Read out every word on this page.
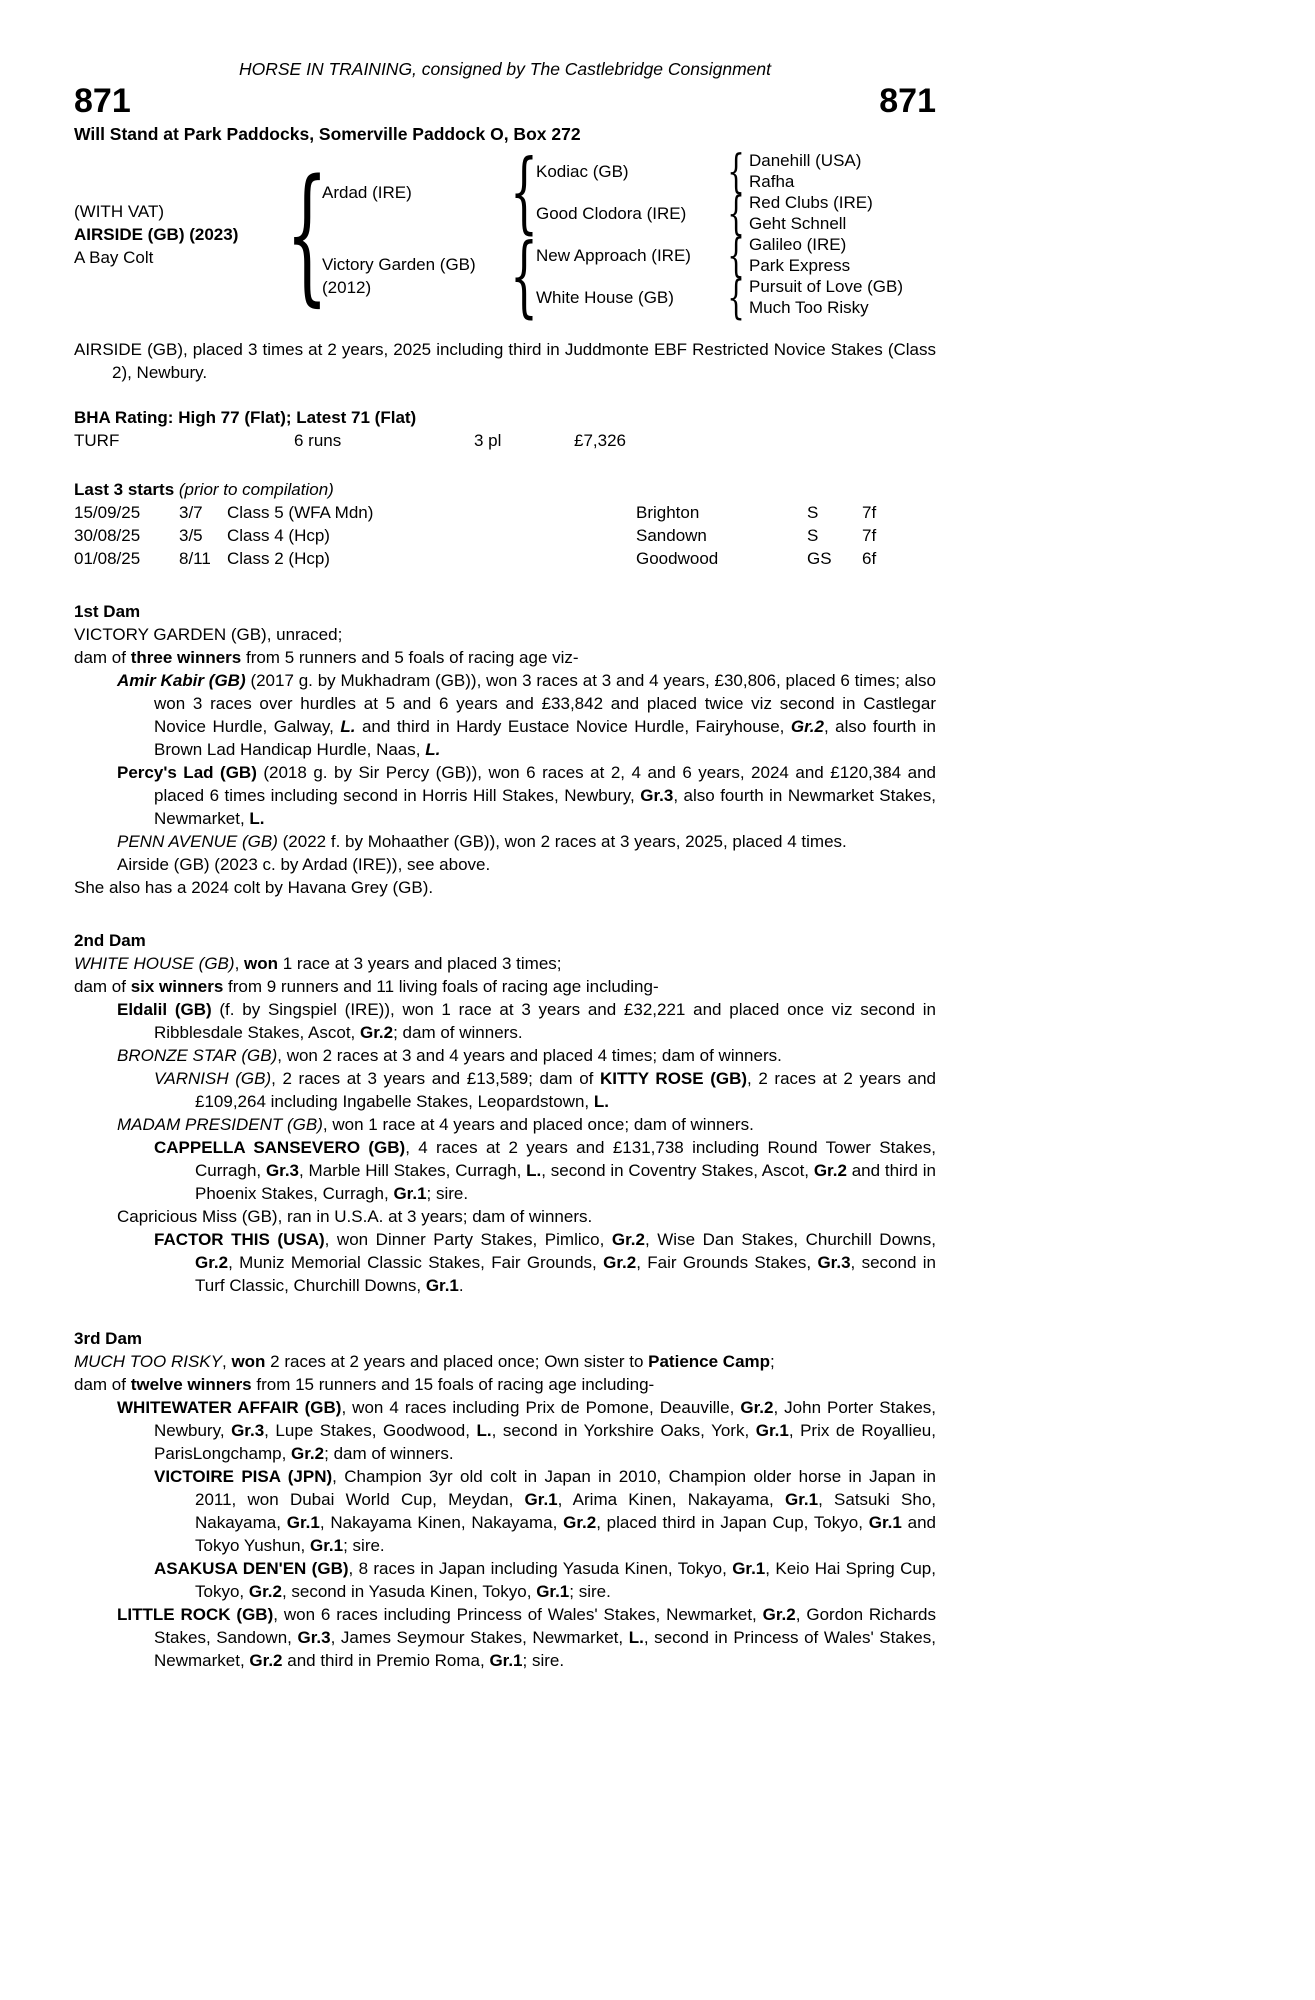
HORSE IN TRAINING, consigned by The Castlebridge Consignment
871	871
Will Stand at Park Paddocks, Somerville Paddock O, Box 272
(WITH VAT)
AIRSIDE (GB) (2023)
A Bay Colt {
Ardad (IRE)
Victory Garden (GB)
(2012)
{
{
Kodiac (GB)
Good Clodora (IRE)
New Approach (IRE)
White House (GB)
{
{
{
{
Danehill (USA)
Rafha
Red Clubs (IRE)
Geht Schnell
Galileo (IRE)
Park Express
Pursuit of Love (GB)
Much Too Risky
AIRSIDE (GB), placed 3 times at 2 years, 2025 including third in Juddmonte EBF Restricted Novice Stakes (Class 2), Newbury.
BHA Rating: High 77 (Flat); Latest 71 (Flat)
TURF	6 runs	3 pl	£7,326
Last 3 starts (prior to compilation)
15/09/25	3/7	Class 5 (WFA Mdn)	Brighton	S	7f
30/08/25	3/5	Class 4 (Hcp)	Sandown	S	7f
01/08/25	8/11 Class 2 (Hcp)	Goodwood	GS	6f
1st Dam
VICTORY GARDEN (GB), unraced;
dam of three winners from 5 runners and 5 foals of racing age viz-
Amir Kabir (GB) (2017 g. by Mukhadram (GB)), won 3 races at 3 and 4 years, £30,806, placed 6 times; also won 3 races over hurdles at 5 and 6 years and £33,842 and placed twice viz second in Castlegar Novice Hurdle, Galway, L. and third in Hardy Eustace Novice Hurdle, Fairyhouse, Gr.2, also fourth in Brown Lad Handicap Hurdle, Naas, L.
Percy's Lad (GB) (2018 g. by Sir Percy (GB)), won 6 races at 2, 4 and 6 years, 2024 and £120,384 and placed 6 times including second in Horris Hill Stakes, Newbury, Gr.3, also fourth in Newmarket Stakes, Newmarket, L.
PENN AVENUE (GB) (2022 f. by Mohaather (GB)), won 2 races at 3 years, 2025, placed 4 times.
Airside (GB) (2023 c. by Ardad (IRE)), see above.
She also has a 2024 colt by Havana Grey (GB).
2nd Dam
WHITE HOUSE (GB), won 1 race at 3 years and placed 3 times;
dam of six winners from 9 runners and 11 living foals of racing age including-
Eldalil (GB) (f. by Singspiel (IRE)), won 1 race at 3 years and £32,221 and placed once viz second in Ribblesdale Stakes, Ascot, Gr.2; dam of winners.
BRONZE STAR (GB), won 2 races at 3 and 4 years and placed 4 times; dam of winners.
VARNISH (GB), 2 races at 3 years and £13,589; dam of KITTY ROSE (GB), 2 races at 2 years and £109,264 including Ingabelle Stakes, Leopardstown, L.
MADAM PRESIDENT (GB), won 1 race at 4 years and placed once; dam of winners.
CAPPELLA SANSEVERO (GB), 4 races at 2 years and £131,738 including Round Tower Stakes, Curragh, Gr.3, Marble Hill Stakes, Curragh, L., second in Coventry Stakes, Ascot, Gr.2 and third in Phoenix Stakes, Curragh, Gr.1; sire.
Capricious Miss (GB), ran in U.S.A. at 3 years; dam of winners.
FACTOR THIS (USA), won Dinner Party Stakes, Pimlico, Gr.2, Wise Dan Stakes, Churchill Downs, Gr.2, Muniz Memorial Classic Stakes, Fair Grounds, Gr.2, Fair Grounds Stakes, Gr.3, second in Turf Classic, Churchill Downs, Gr.1.
3rd Dam
MUCH TOO RISKY, won 2 races at 2 years and placed once; Own sister to Patience Camp;
dam of twelve winners from 15 runners and 15 foals of racing age including-
WHITEWATER AFFAIR (GB), won 4 races including Prix de Pomone, Deauville, Gr.2, John Porter Stakes, Newbury, Gr.3, Lupe Stakes, Goodwood, L., second in Yorkshire Oaks, York, Gr.1, Prix de Royallieu, ParisLongchamp, Gr.2; dam of winners.
VICTOIRE PISA (JPN), Champion 3yr old colt in Japan in 2010, Champion older horse in Japan in 2011, won Dubai World Cup, Meydan, Gr.1, Arima Kinen, Nakayama, Gr.1, Satsuki Sho, Nakayama, Gr.1, Nakayama Kinen, Nakayama, Gr.2, placed third in Japan Cup, Tokyo, Gr.1 and Tokyo Yushun, Gr.1; sire.
ASAKUSA DEN'EN (GB), 8 races in Japan including Yasuda Kinen, Tokyo, Gr.1, Keio Hai Spring Cup, Tokyo, Gr.2, second in Yasuda Kinen, Tokyo, Gr.1; sire.
LITTLE ROCK (GB), won 6 races including Princess of Wales' Stakes, Newmarket, Gr.2, Gordon Richards Stakes, Sandown, Gr.3, James Seymour Stakes, Newmarket, L., second in Princess of Wales' Stakes, Newmarket, Gr.2 and third in Premio Roma, Gr.1; sire.
